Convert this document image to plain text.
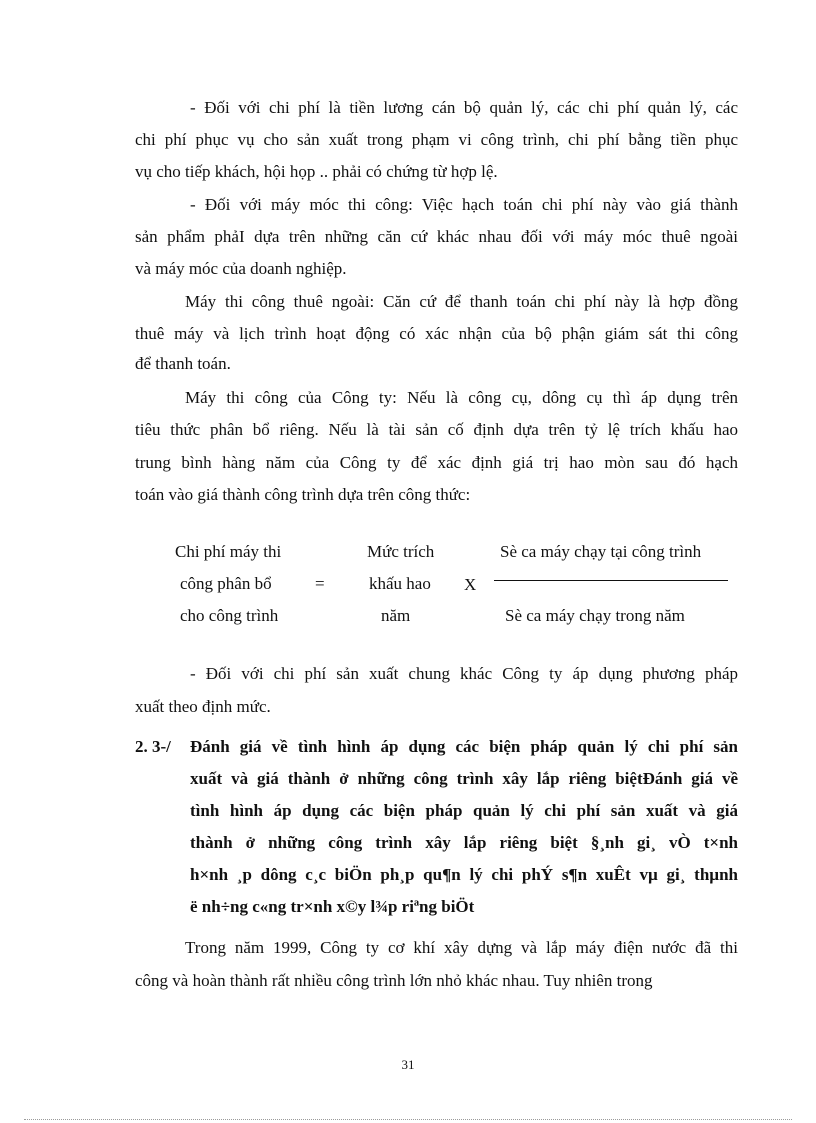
- Đối với chi phí là tiền lương cán bộ quản lý, các chi phí quản lý, các
chi phí phục vụ cho sản xuất trong phạm vi công trình, chi phí bằng tiền phục
vụ cho tiếp khách, hội họp .. phải có chứng từ hợp lệ.
- Đối với máy móc thi công: Việc hạch toán chi phí này vào giá thành
sản phẩm phảI dựa trên những căn cứ khác nhau đối với máy móc thuê ngoài
và máy móc của doanh nghiệp.
Máy thi công thuê ngoài: Căn cứ để thanh toán chi phí này là hợp đồng
thuê máy và lịch trình hoạt động có xác nhận của bộ phận giám sát thi công
để thanh toán.
Máy thi công của Công ty: Nếu là công cụ, dông cụ thì áp dụng trên
tiêu thức phân bổ riêng. Nếu là tài sản cố định dựa trên tỷ lệ trích khấu hao
trung bình hàng năm của Công ty để xác định giá trị hao mòn sau đó hạch
toán vào giá thành công trình dựa trên công thức:
Chi phí máy thi
công phân bổ
cho công trình
=
Mức trích
khấu hao
năm
X
Sè ca máy chạy tại công trình
Sè ca máy chạy trong năm
- Đối với chi phí sản xuất chung khác Công ty áp dụng phương pháp
xuất theo định mức.
2. 3-/ Đánh giá về tình hình áp dụng các biện pháp quản lý chi phí sản
xuất và giá thành ở những công trình xây lắp riêng biệtĐánh giá về
tình hình áp dụng các biện pháp quản lý chi phí sản xuất và giá
thành ở những công trình xây lắp riêng biệt §¸nh gi¸ vÒ t×nh
h×nh ¸p dông c¸c biÖn ph¸p qu¶n lý chi phÝ s¶n xuÊt vµ gi¸ thµnh
ë nh÷ng c«ng tr×nh x©y l¾p riªng biÖt
Trong năm 1999, Công ty cơ khí xây dựng và lắp máy điện nước đã thi
công và hoàn thành rất nhiều công trình lớn nhỏ khác nhau. Tuy nhiên trong
31
